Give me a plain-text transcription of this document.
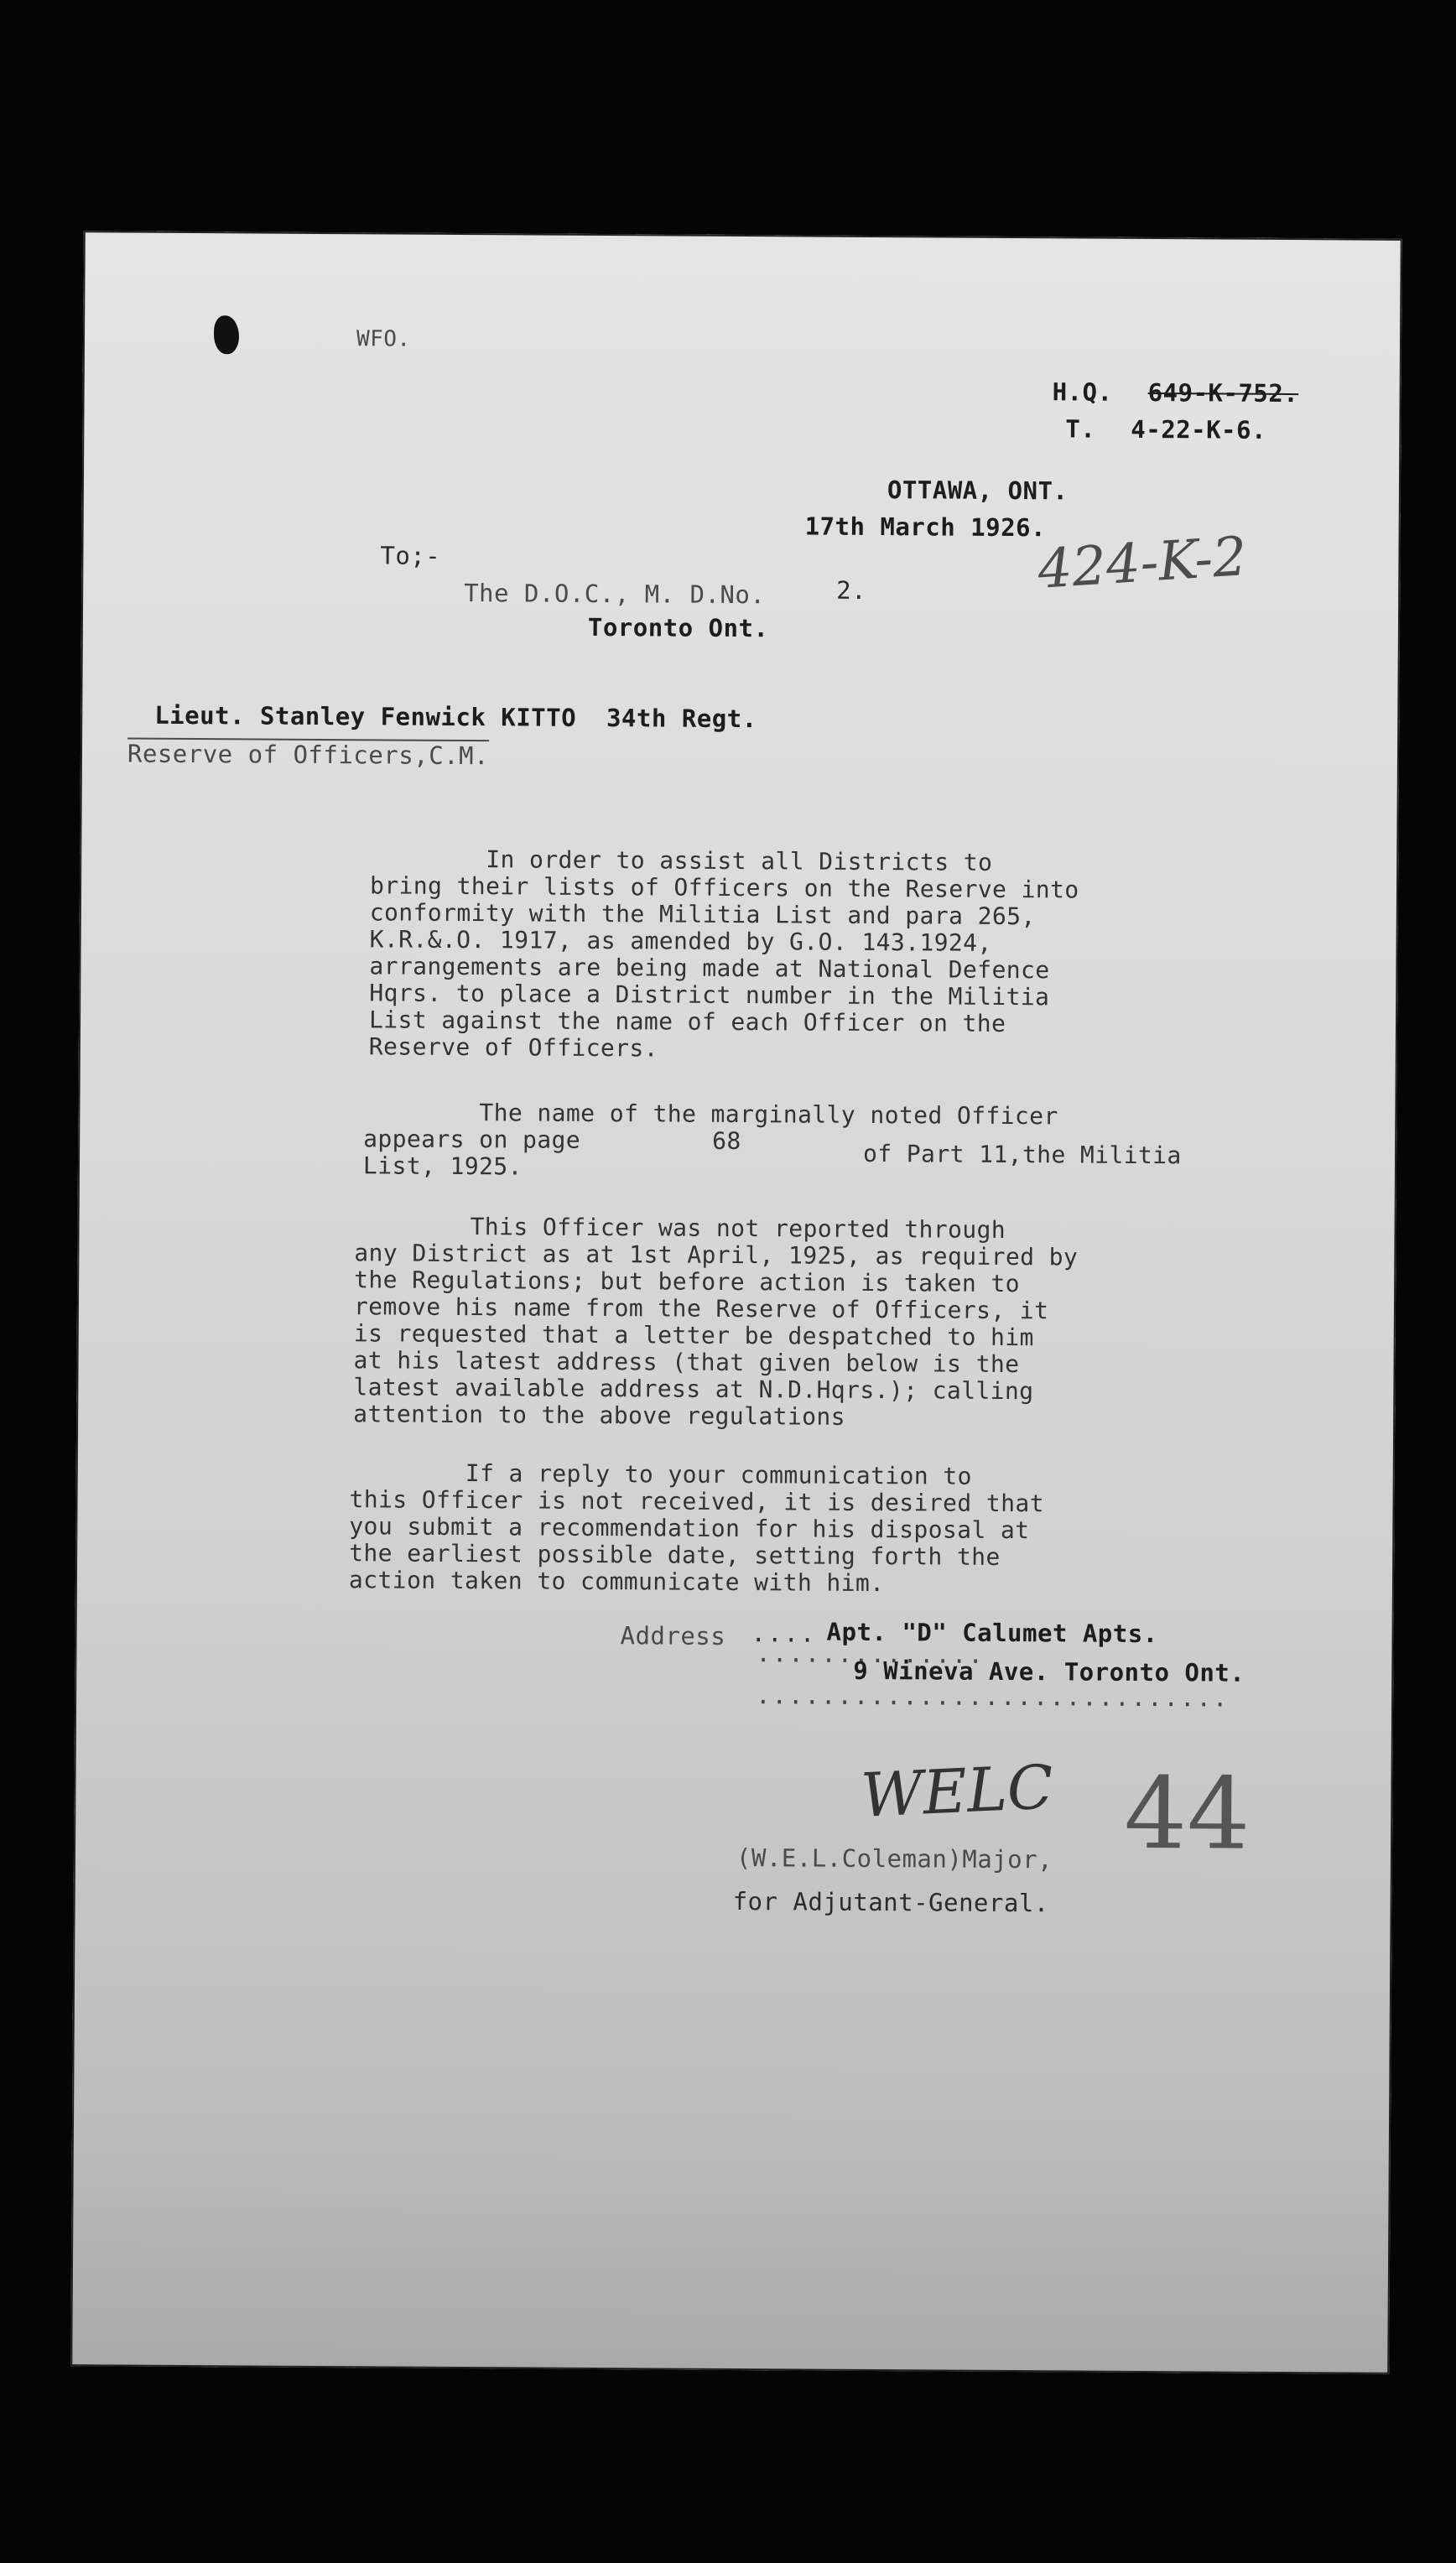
WFO.
H.Q. 649-K-752.
T. 4-22-K-6.
OTTAWA, ONT.
17th March 1926.
424-K-2
To;-
The D.O.C., M. D.No.	2.
Toronto Ont.
Lieut. Stanley Fenwick KITTO  34th Regt.
Reserve of Officers,C.M.
In order to assist all Districts to
bring their lists of Officers on the Reserve into
conformity with the Militia List and para 265,
K.R.&.O. 1917, as amended by G.O. 143.1924,
arrangements are being made at National Defence
Hqrs. to place a District number in the Militia
List against the name of each Officer on the
Reserve of Officers.
The name of the marginally noted Officer
appears on page	68	of Part 11,the Militia
List, 1925.
This Officer was not reported through
any District as at 1st April, 1925, as required by
the Regulations; but before action is taken to
remove his name from the Reserve of Officers, it
is requested that a letter be despatched to him
at his latest address (that given below is the
latest available address at N.D.Hqrs.); calling
attention to the above regulations
If a reply to your communication to
this Officer is not received, it is desired that
you submit a recommendation for his disposal at
the earliest possible date, setting forth the
action taken to communicate with him.
Address .... Apt. "D" Calumet Apts.
..............
9 Wineva Ave. Toronto Ont.
.............................
WELC 44
(W.E.L.Coleman)Major,
for Adjutant-General.
